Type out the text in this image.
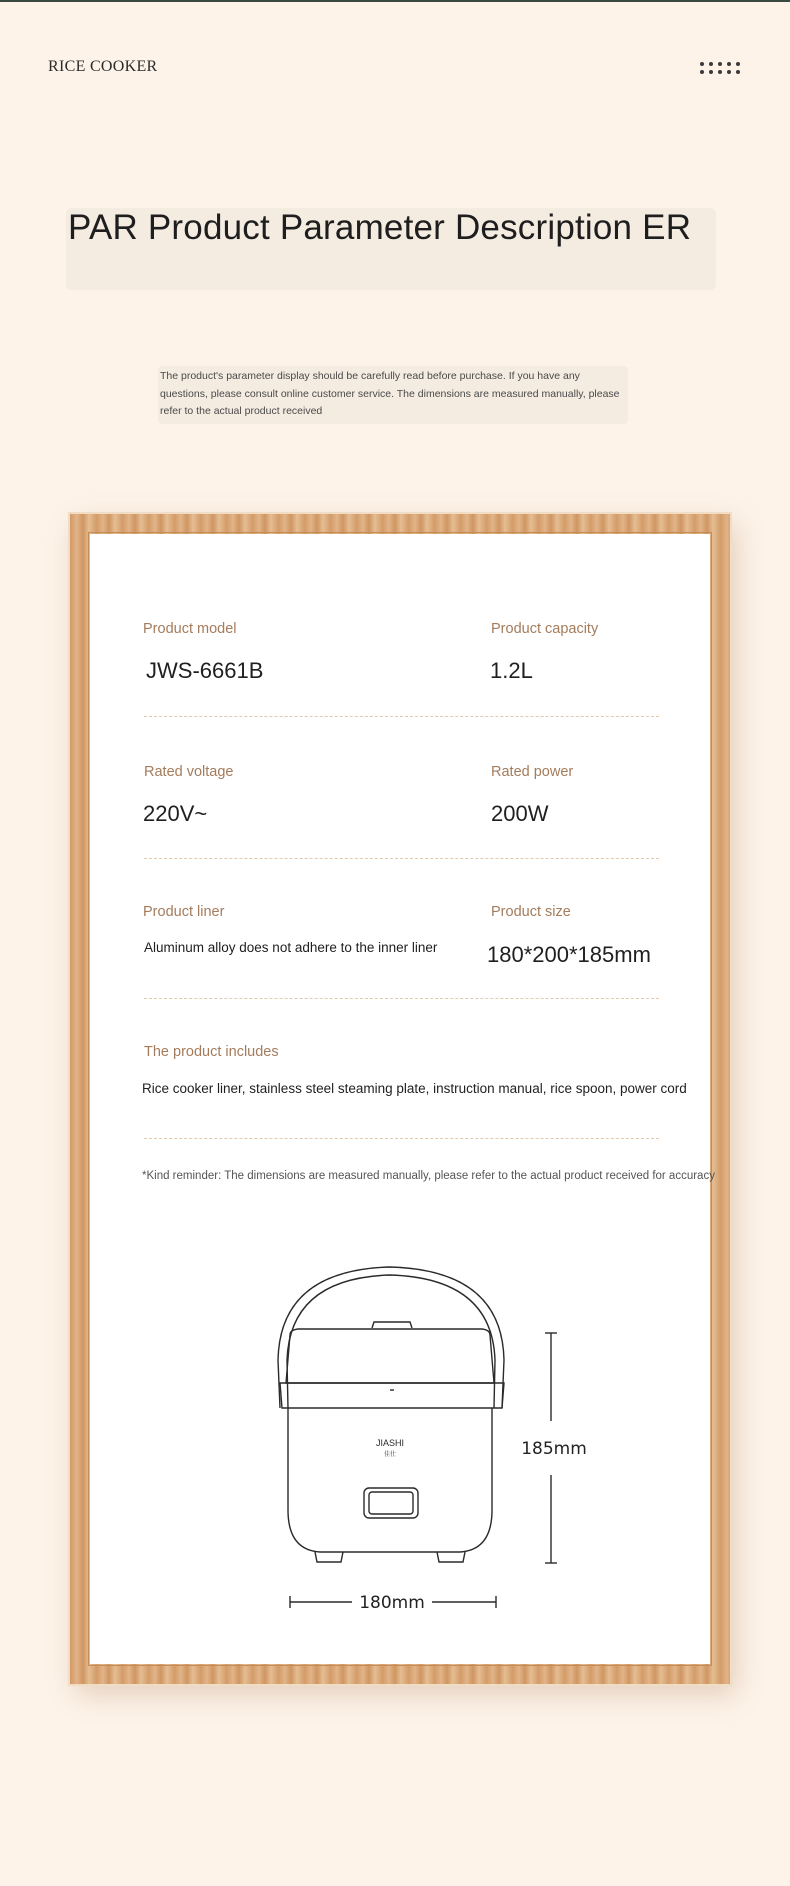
RICE COOKER
PAR Product Parameter Description ER
The product's parameter display should be carefully read before purchase. If you have any questions, please consult online customer service. The dimensions are measured manually, please refer to the actual product received
Product model
JWS-6661B
Product capacity
1.2L
Rated voltage
220V~
Rated power
200W
Product liner
Aluminum alloy does not adhere to the inner liner
Product size
180*200*185mm
The product includes
Rice cooker liner, stainless steel steaming plate, instruction manual, rice spoon, power cord
*Kind reminder: The dimensions are measured manually, please refer to the actual product received for accuracy
JIASHI
佳仕	185mm
180mm
